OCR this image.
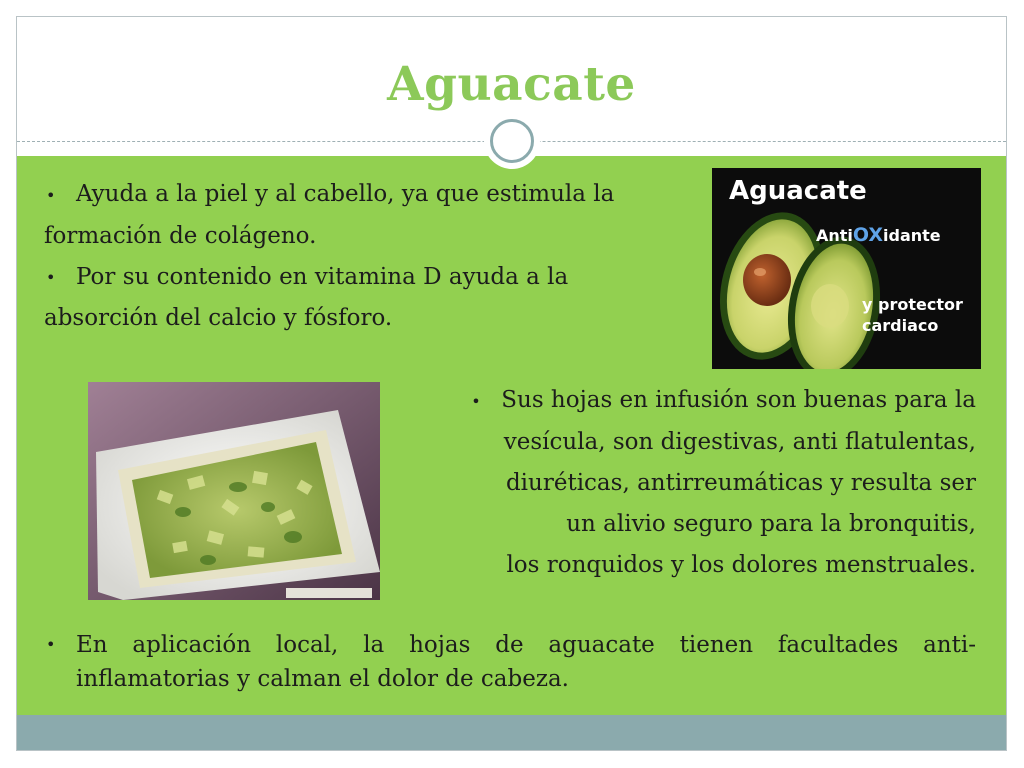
Aguacate
• Ayuda a la piel y al cabello, ya que estimula la
formación de colágeno.
• Por su contenido en vitamina D ayuda a la
absorción del calcio y fósforo.
Aguacate
AntiOXidante
y protector
cardiaco
• Sus hojas en infusión son buenas para la
vesícula, son digestivas, anti flatulentas,
diuréticas, antirreumáticas y resulta ser
un alivio seguro para la bronquitis,
los ronquidos y los dolores menstruales.
• En aplicación local, la hojas de aguacate tienen facultades anti-
inflamatorias y calman el dolor de cabeza.
